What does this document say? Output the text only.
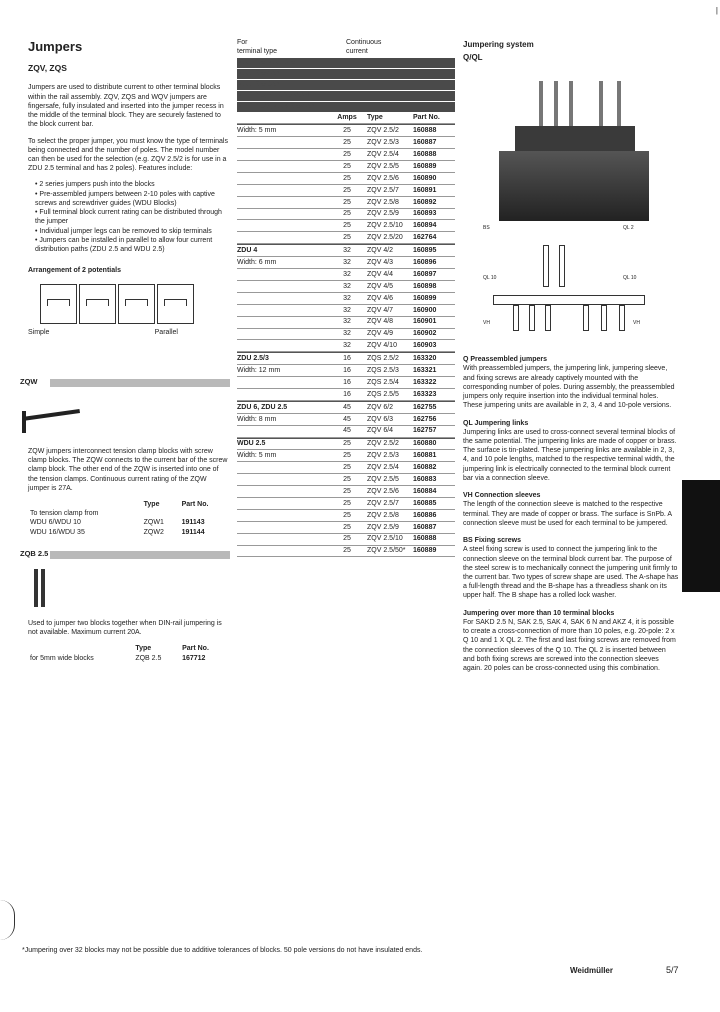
Jumpers
ZQV, ZQS

Jumpers are used to distribute current to other terminal blocks within the rail assembly. ZQV, ZQS and WQV jumpers are fingersafe, fully insulated and inserted into the jumper recess in the middle of the terminal block. They are securely fastened to the block current bar.

To select the proper jumper, you must know the type of terminals being connected and the number of poles. The model number can then be used for the selection (e.g. ZQV 2.5/2 is for use in a ZDU 2.5 terminal and has 2 poles). Features include:

• 2 series jumpers push into the blocks
• Pre-assembled jumpers between 2-10 poles with captive screws and screwdriver guides (WDU Blocks)
• Full terminal block current rating can be distributed through the jumper
• Individual jumper legs can be removed to skip terminals
• Jumpers can be installed in parallel to allow four current distribution paths (ZDU 2.5 and WDU 2.5)
Arrangement of 2 potentials
Simple	Parallel
ZQW

ZQW jumpers interconnect tension clamp blocks with screw clamp blocks. The ZQW connects to the current bar of the screw clamp block. The other end of the ZQW is inserted into one of the tension clamps. Continuous current rating of the ZQW jumper is 27A.

	Type	Part No.
To tension clamp from		
WDU 6/WDU 10	ZQW1	191143
WDU 16/WDU 35	ZQW2	191144
ZQB 2.5

Used to jumper two blocks together when DIN-rail jumpering is not available. Maximum current 20A.

	Type	Part No.
for 5mm wide blocks	ZQB 2.5	167712
For
terminal type
Continuous
current
ZDU 1.5, ZDU 2.5
ZDU 2.5/4AN
ZDU 2.5/3AN
ZTR 2.5, ZTR 2.5/4AN
ZTR 2.5/3, ZDK 2.5/4AN
Amps	Type	Part No.
Width: 5 mm	25	ZQV 2.5/2	160888
25	ZQV 2.5/3	160887
25	ZQV 2.5/4	160888
25	ZQV 2.5/5	160889
25	ZQV 2.5/6	160890
25	ZQV 2.5/7	160891
25	ZQV 2.5/8	160892
25	ZQV 2.5/9	160893
25	ZQV 2.5/10	160894
25	ZQV 2.5/20	162764
ZDU 4	32	ZQV 4/2	160895
Width: 6 mm	32	ZQV 4/3	160896
32	ZQV 4/4	160897
32	ZQV 4/5	160898
32	ZQV 4/6	160899
32	ZQV 4/7	160900
32	ZQV 4/8	160901
32	ZQV 4/9	160902
32	ZQV 4/10	160903
ZDU 2.5/3	16	ZQS 2.5/2	163320
Width: 12 mm	16	ZQS 2.5/3	163321
16	ZQS 2.5/4	163322
16	ZQS 2.5/5	163323
ZDU 6, ZDU 2.5	45	ZQV 6/2	162755
Width: 8 mm	45	ZQV 6/3	162756
45	ZQV 6/4	162757
WDU 2.5	25	ZQV 2.5/2	160880
Width: 5 mm	25	ZQV 2.5/3	160881
25	ZQV 2.5/4	160882
25	ZQV 2.5/5	160883
25	ZQV 2.5/6	160884
25	ZQV 2.5/7	160885
25	ZQV 2.5/8	160886
25	ZQV 2.5/9	160887
25	ZQV 2.5/10	160888
25	ZQV 2.5/50*	160889
Jumpering system
Q/QL
BS	QL 2
QL 10	QL 10
VH	VH
Q Preassembled jumpers

With preassembled jumpers, the jumpering link, jumpering sleeve, and fixing screws are already captively mounted with the corresponding number of poles. During assembly, the preassembled jumpers only require insertion into the individual terminal holes. These jumpering units are available in 2, 3, 4 and 10-pole versions.

QL Jumpering links

Jumpering links are used to cross-connect several terminal blocks of the same potential. The jumpering links are made of copper or brass. The surface is tin-plated. These jumpering links are available in 2, 3, 4, and 10 pole lengths, matched to the respective terminal width, the jumpering link is electrically connected to the terminal block current bar via a connection sleeve.

VH Connection sleeves

The length of the connection sleeve is matched to the respective terminal. They are made of copper or brass. The surface is SnPb. A connection sleeve must be used for each terminal to be jumpered.

BS Fixing screws

A steel fixing screw is used to connect the jumpering link to the connection sleeve on the terminal block current bar. The purpose of the steel screw is to mechanically connect the jumpering unit firmly to the current bar. Two types of screw shape are used. The A-shape has a full-length thread and the B-shape has a threadless shank on its upper half. The B shape has a rolled lock washer.

Jumpering over more than 10 terminal blocks

For SAKD 2.5 N, SAK 2.5, SAK 4, SAK 6 N and AKZ 4, it is possible to create a cross-connection of more than 10 poles, e.g. 20-pole: 2 x Q 10 and 1 X QL 2. The first and last fixing screws are removed from the connection sleeves of the Q 10. The QL 2 is inserted between and both fixing screws are screwed into the connection sleeves again. 20 poles can be cross-connected using this combination.

|
*Jumpering over 32 blocks may not be possible due to additive tolerances of blocks. 50 pole versions do not have insulated ends.
Weidmüller	5/7
